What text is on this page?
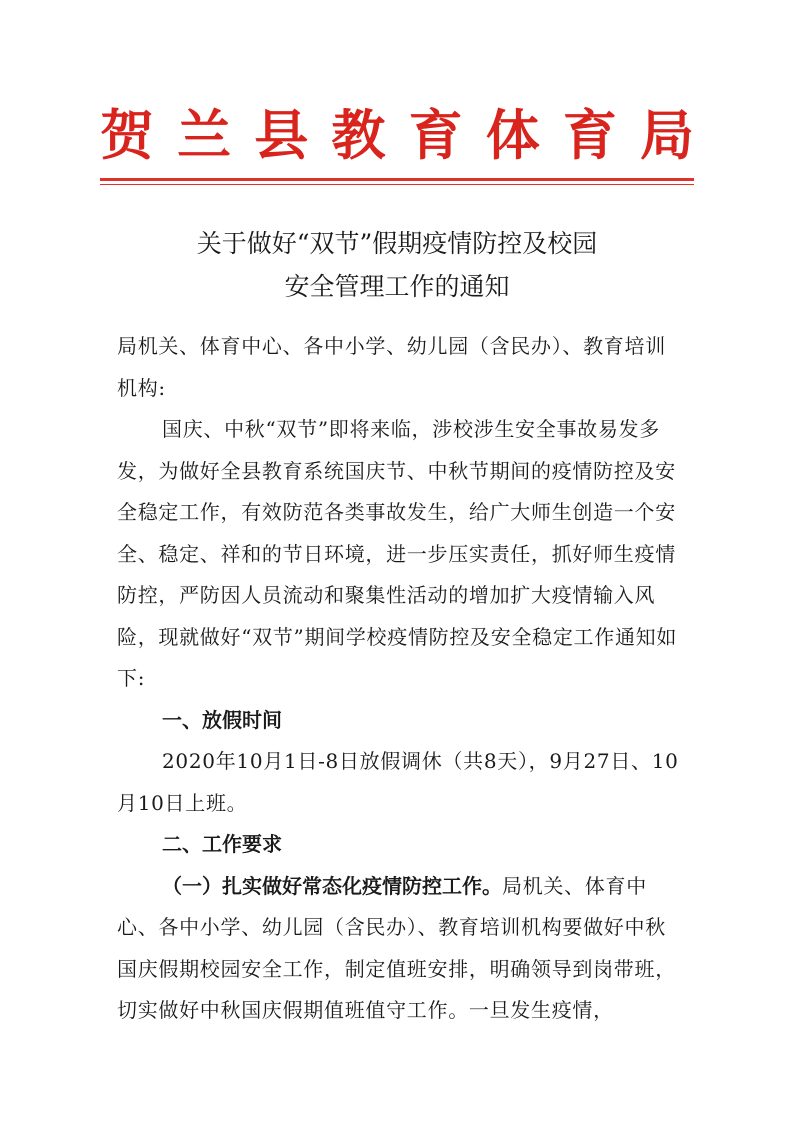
贺 兰 县 教 育 体 育 局
关于做好“双节”假期疫情防控及校园
安全管理工作的通知

局机关、体育中心、各中小学、幼儿园（含民办）、教育培训机构:

国庆、中秋“双节”即将来临，涉校涉生安全事故易发多发，为做好全县教育系统国庆节、中秋节期间的疫情防控及安全稳定工作，有效防范各类事故发生，给广大师生创造一个安全、稳定、祥和的节日环境，进一步压实责任，抓好师生疫情防控，严防因人员流动和聚集性活动的增加扩大疫情输入风险，现就做好“双节”期间学校疫情防控及安全稳定工作通知如下:

一、放假时间

2020年10月1日-8日放假调休（共8天），9月27日、10月10日上班。

二、工作要求

（一）扎实做好常态化疫情防控工作。局机关、体育中心、各中小学、幼儿园（含民办）、教育培训机构要做好中秋国庆假期校园安全工作，制定值班安排，明确领导到岗带班，切实做好中秋国庆假期值班值守工作。一旦发生疫情，
